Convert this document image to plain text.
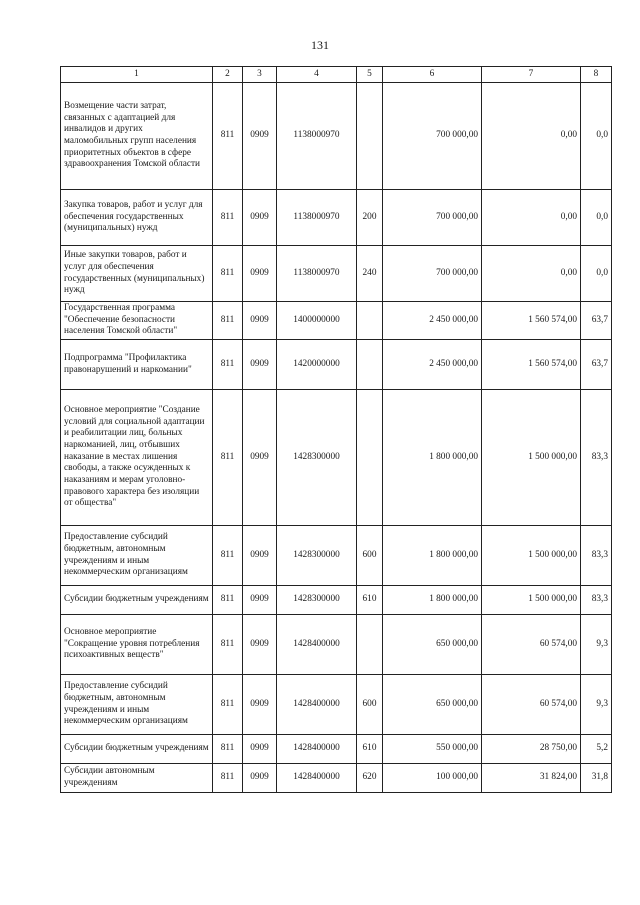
131
1	2	3	4	5	6	7	8
Возмещение части затрат, связанных с адаптацией для инвалидов и других маломобильных групп населения приоритетных объектов в сфере здравоохранения Томской области	811	0909	1138000970		700 000,00	0,00	0,0
Закупка товаров, работ и услуг для обеспечения государственных (муниципальных) нужд	811	0909	1138000970	200	700 000,00	0,00	0,0
Иные закупки товаров, работ и услуг для обеспечения государственных (муниципальных) нужд	811	0909	1138000970	240	700 000,00	0,00	0,0
Государственная программа "Обеспечение безопасности населения Томской области"	811	0909	1400000000		2 450 000,00	1 560 574,00	63,7
Подпрограмма "Профилактика правонарушений и наркомании"	811	0909	1420000000		2 450 000,00	1 560 574,00	63,7
Основное мероприятие "Создание условий для социальной адаптации и реабилитации лиц, больных наркоманией, лиц, отбывших наказание в местах лишения свободы, а также осужденных к наказаниям и мерам уголовно-правового характера без изоляции от общества"	811	0909	1428300000		1 800 000,00	1 500 000,00	83,3
Предоставление субсидий бюджетным, автономным учреждениям и иным некоммерческим организациям	811	0909	1428300000	600	1 800 000,00	1 500 000,00	83,3
Субсидии бюджетным учреждениям	811	0909	1428300000	610	1 800 000,00	1 500 000,00	83,3
Основное мероприятие "Сокращение уровня потребления психоактивных веществ"	811	0909	1428400000		650 000,00	60 574,00	9,3
Предоставление субсидий бюджетным, автономным учреждениям и иным некоммерческим организациям	811	0909	1428400000	600	650 000,00	60 574,00	9,3
Субсидии бюджетным учреждениям	811	0909	1428400000	610	550 000,00	28 750,00	5,2
Субсидии автономным учреждениям	811	0909	1428400000	620	100 000,00	31 824,00	31,8
